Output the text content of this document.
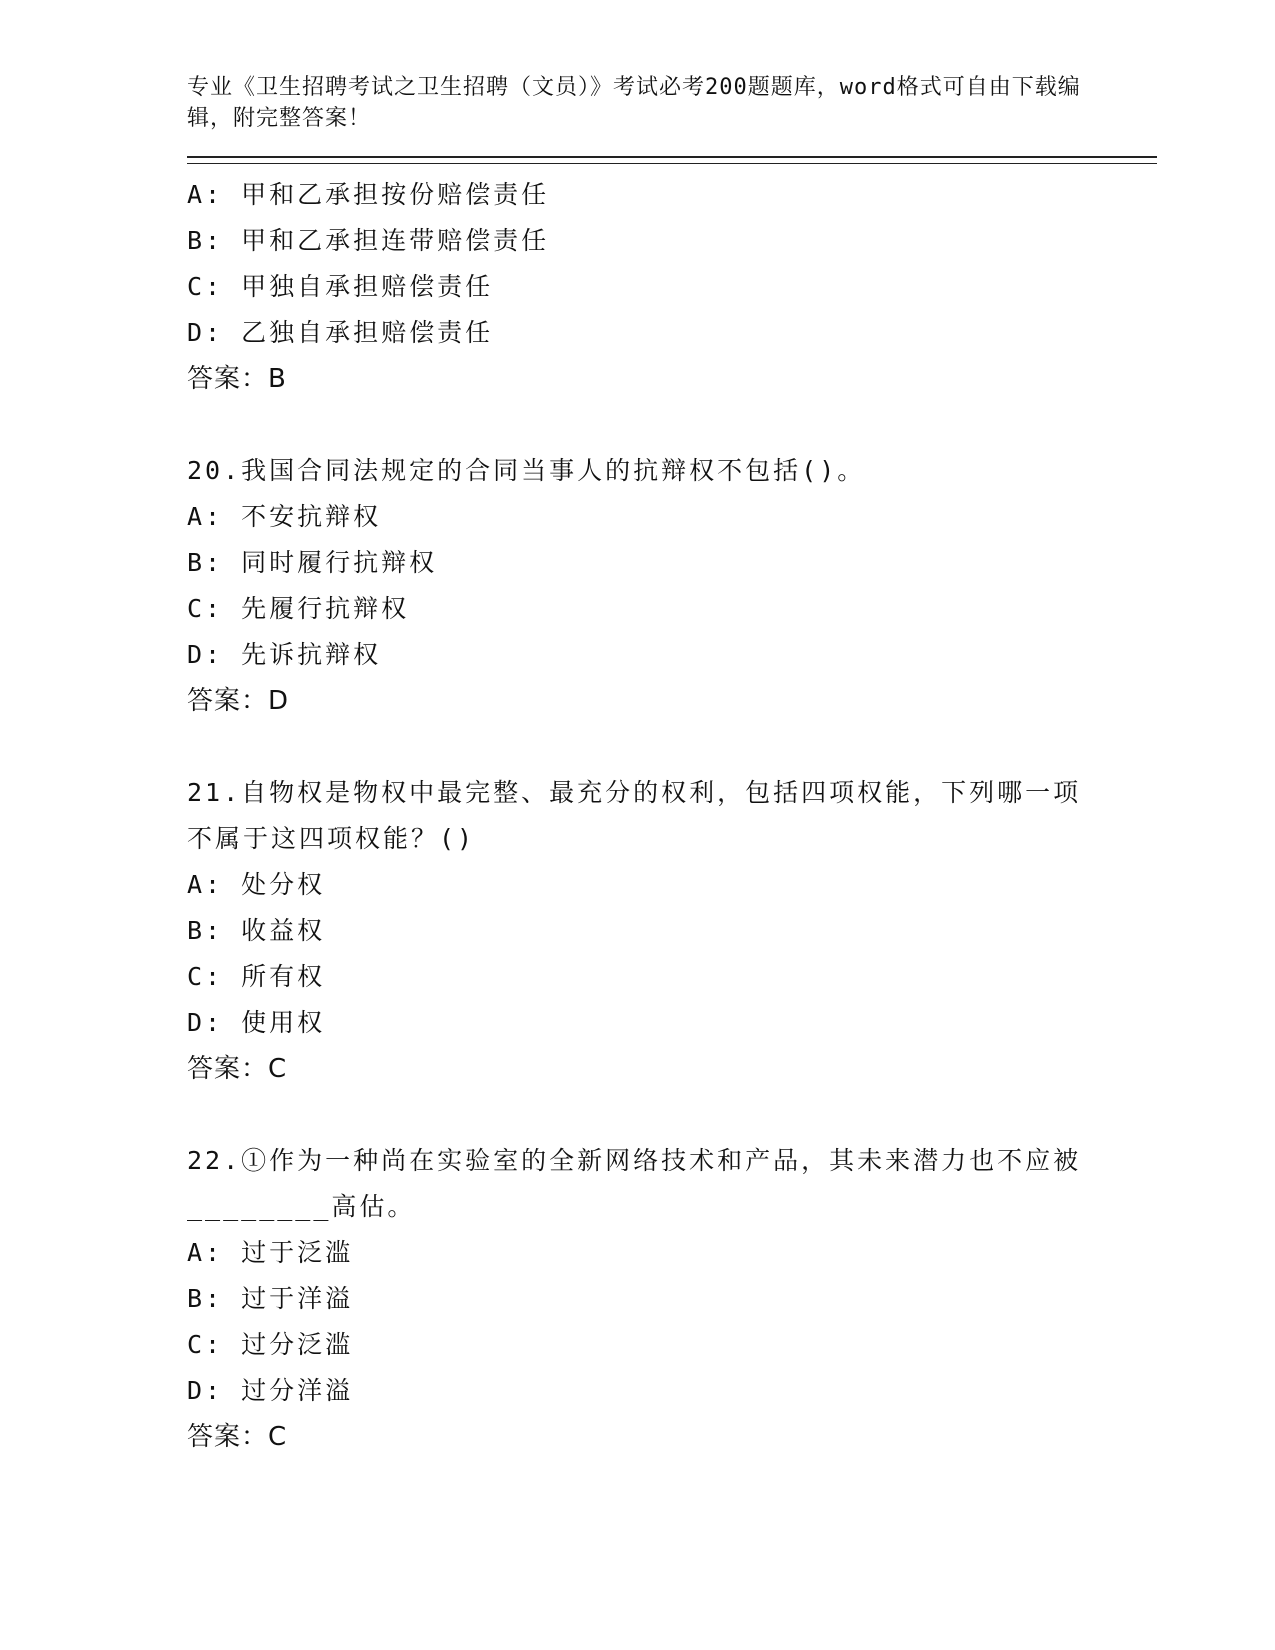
专业《卫生招聘考试之卫生招聘（文员）》考试必考200题题库，word格式可自由下载编辑，附完整答案！
A: 甲和乙承担按份赔偿责任
B: 甲和乙承担连带赔偿责任
C: 甲独自承担赔偿责任
D: 乙独自承担赔偿责任
答案：B
20.我国合同法规定的合同当事人的抗辩权不包括()。
A: 不安抗辩权
B: 同时履行抗辩权
C: 先履行抗辩权
D: 先诉抗辩权
答案：D
21.自物权是物权中最完整、最充分的权利，包括四项权能，下列哪一项不属于这四项权能？()
A: 处分权
B: 收益权
C: 所有权
D: 使用权
答案：C
22.①作为一种尚在实验室的全新网络技术和产品，其未来潜力也不应被________高估。
A: 过于泛滥
B: 过于洋溢
C: 过分泛滥
D: 过分洋溢
答案：C
